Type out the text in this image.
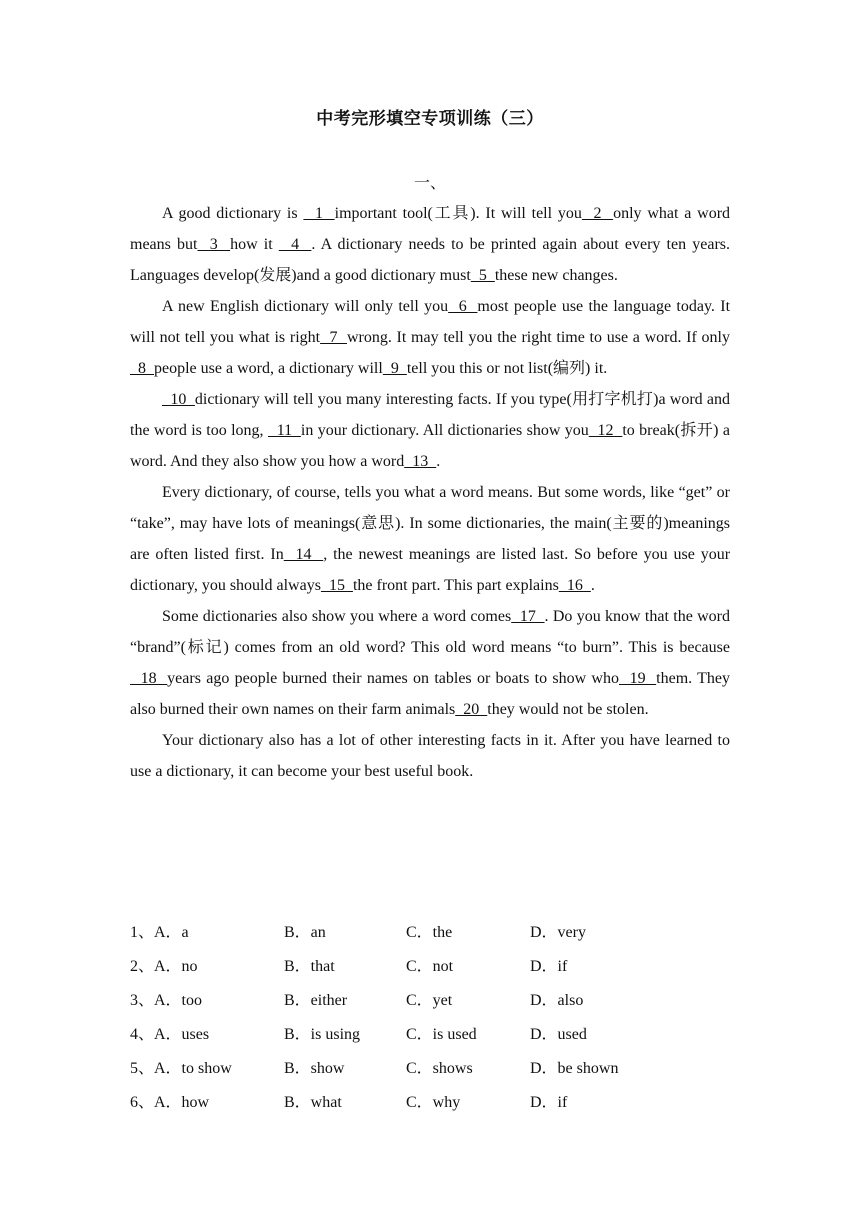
中考完形填空专项训练（三）
一、

A good dictionary is   1  important tool(工具). It will tell you  2  only what a word means but  3  how it   4  . A dictionary needs to be printed again about every ten years. Languages develop(发展)and a good dictionary must  5  these new changes.

A new English dictionary will only tell you  6  most people use the language today. It will not tell you what is right  7  wrong. It may tell you the right time to use a word. If only  8  people use a word, a dictionary will  9  tell you this or not list(编列) it.

10  dictionary will tell you many interesting facts. If you type(用打字机打)a word and the word is too long,   11  in your dictionary. All dictionaries show you  12  to break(拆开) a word. And they also show you how a word  13  .

Every dictionary, of course, tells you what a word means. But some words, like “get” or “take”, may have lots of meanings(意思). In some dictionaries, the main(主要的)meanings are often listed first. In  14  , the newest meanings are listed last. So before you use your dictionary, you should always  15  the front part. This part explains  16  .

Some dictionaries also show you where a word comes  17  . Do you know that the word “brand”(标记) comes from an old word? This old word means “to burn”. This is because   18  years ago people burned their names on tables or boats to show who  19  them. They also burned their own names on their farm animals  20  they would not be stolen.

Your dictionary also has a lot of other interesting facts in it. After you have learned to use a dictionary, it can become your best useful book.

1、A．a	B．an	C．the	D．very
2、A．no	B．that	C．not	D．if
3、A．too	B．either	C．yet	D．also
4、A．uses	B．is using	C．is used	D．used
5、A．to show	B．show	C．shows	D．be shown
6、A．how	B．what	C．why	D．if
